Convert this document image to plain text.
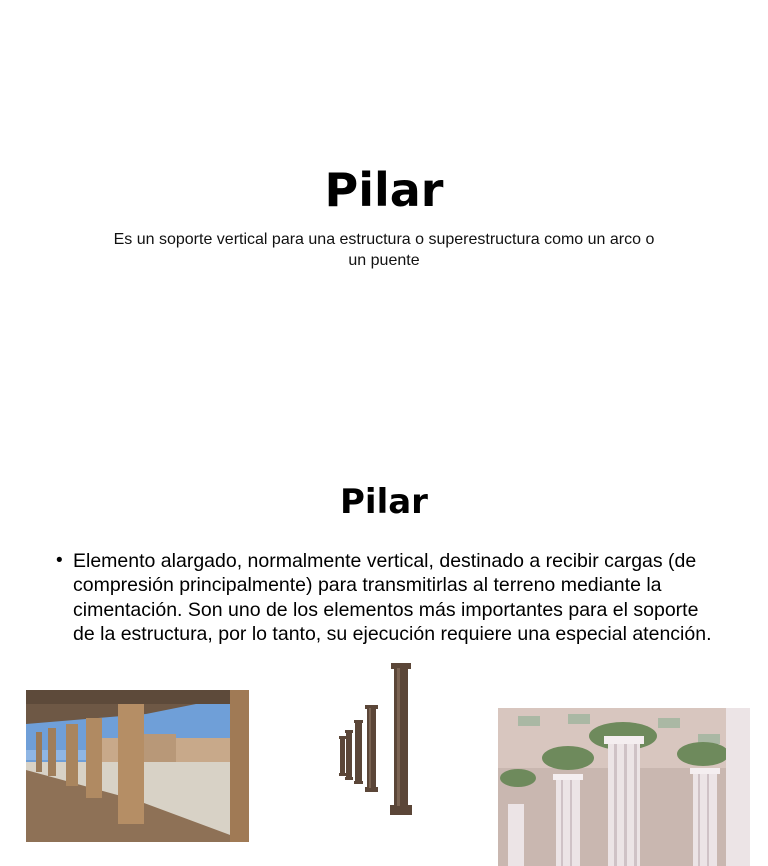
Pilar
Es un soporte vertical para una estructura o superestructura como un arco o un puente
Pilar
• Elemento alargado, normalmente vertical, destinado a recibir cargas (de compresión principalmente) para transmitirlas al terreno mediante la cimentación. Son uno de los elementos más importantes para el soporte de la estructura, por lo tanto, su ejecución requiere una especial atención.
